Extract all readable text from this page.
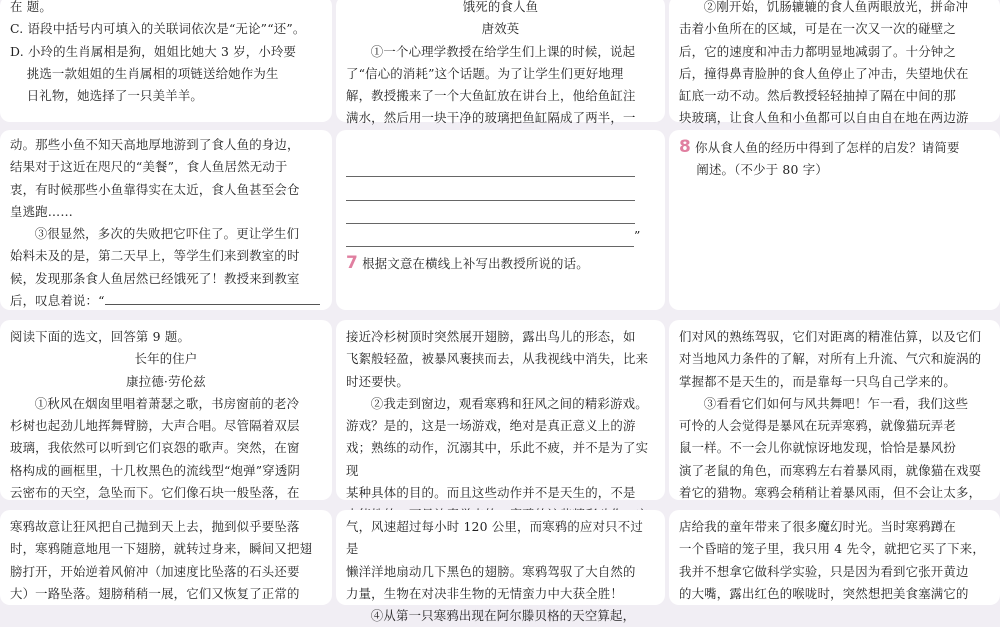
在 题。

C. 语段中括号内可填入的关联词依次是“无论”“还”。

D. 小玲的生肖属相是狗，姐姐比她大 3 岁，小玲要

挑选一款姐姐的生肖属相的项链送给她作为生

日礼物，她选择了一只美羊羊。

饿死的食人鱼

唐效英

①一个心理学教授在给学生们上课的时候，说起

了“信心的消耗”这个话题。为了让学生们更好地理

解，教授搬来了一个大鱼缸放在讲台上，他给鱼缸注

满水，然后用一块干净的玻璃把鱼缸隔成了两半，一

②刚开始，饥肠辘辘的食人鱼两眼放光，拼命冲

击着小鱼所在的区域，可是在一次又一次的碰壁之

后，它的速度和冲击力都明显地减弱了。十分钟之

后，撞得鼻青脸肿的食人鱼停止了冲击，失望地伏在

缸底一动不动。然后教授轻轻抽掉了隔在中间的那

块玻璃，让食人鱼和小鱼都可以自由自在地在两边游

动。那些小鱼不知天高地厚地游到了食人鱼的身边，

结果对于这近在咫尺的“美餐”，食人鱼居然无动于

衷，有时候那些小鱼靠得实在太近，食人鱼甚至会仓

皇逃跑……

③很显然，多次的失败把它吓住了。更让学生们

始料未及的是，第二天早上，等学生们来到教室的时

候，发现那条食人鱼居然已经饿死了！教授来到教室

后，叹息着说：“

”

7 根据文意在横线上补写出教授所说的话。

8 你从食人鱼的经历中得到了怎样的启发？请简要

阐述。（不少于 80 字）

阅读下面的选文，回答第 9 题。

长年的住户

康拉德·劳伦兹

①秋风在烟囱里唱着萧瑟之歌，书房窗前的老冷

杉树也起劲儿地挥舞臂膀，大声合唱。尽管隔着双层

玻璃，我依然可以听到它们哀怨的歌声。突然，在窗

格构成的画框里，十几枚黑色的流线型“炮弹”穿透阴

云密布的天空，急坠而下。它们像石块一般坠落，在

接近冷杉树顶时突然展开翅膀，露出鸟儿的形态，如

飞絮般轻盈，被暴风裹挟而去，从我视线中消失，比来

时还要快。

②我走到窗边，观看寒鸦和狂风之间的精彩游戏。

游戏？是的，这是一场游戏，绝对是真正意义上的游

戏；熟练的动作，沉溺其中，乐此不疲，并不是为了实现

某种具体的目的。而且这些动作并不是天生的，不是

们对风的熟练驾驭，它们对距离的精准估算，以及它们

对当地风力条件的了解，对所有上升流、气穴和旋涡的

掌握都不是天生的，而是靠每一只鸟自己学来的。

③看看它们如何与风共舞吧！乍一看，我们这些

可怜的人会觉得是暴风在玩弄寒鸦，就像猫玩弄老

鼠一样。不一会儿你就惊讶地发现，恰恰是暴风扮

演了老鼠的角色，而寒鸦左右着暴风雨，就像猫在戏耍

着它的猎物。寒鸦会稍稍让着暴风雨，但不会让太多，

寒鸦故意让狂风把自己抛到天上去，抛到似乎要坠落

时，寒鸦随意地甩一下翅膀，就转过身来，瞬间又把翅

膀打开，开始逆着风俯冲（加速度比坠落的石头还要

大）一路坠落。翅膀稍稍一展，它们又恢复了正常的

气，风速超过每小时 120 公里，而寒鸦的应对只不过是

懒洋洋地扇动几下黑色的翅膀。寒鸦驾驭了大自然的

力量，生物在对决非生物的无情蛮力中大获全胜！

④从第一只寒鸦出现在阿尔滕贝格的天空算起，

店给我的童年带来了很多魔幻时光。当时寒鸦蹲在

一个昏暗的笼子里，我只用 4 先令，就把它买了下来，

我并不想拿它做科学实验，只是因为看到它张开黄边

的大嘴，露出红色的喉咙时，突然想把美食塞满它的
